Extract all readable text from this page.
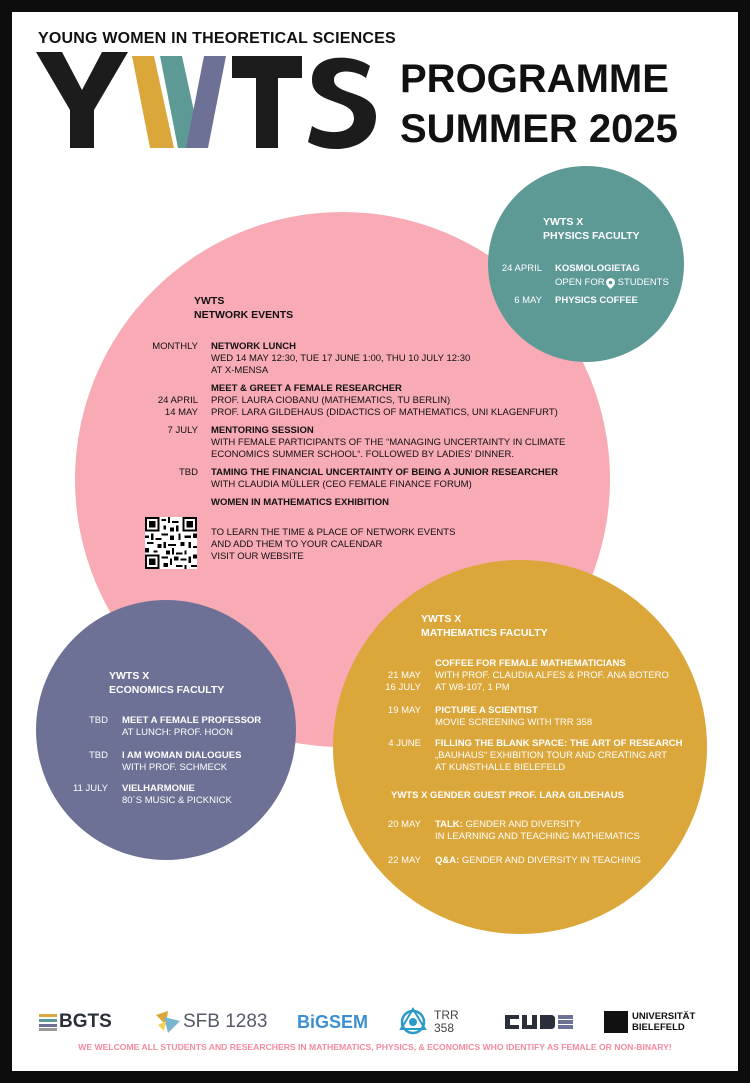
YOUNG WOMEN IN THEORETICAL SCIENCES
PROGRAMME
SUMMER 2025
YWTS X
PHYSICS FACULTY
24 APRIL KOSMOLOGIETAG
OPEN FOR STUDENTS
6 MAY PHYSICS COFFEE
YWTS
NETWORK EVENTS
MONTHLY NETWORK LUNCH
WED 14 MAY 12:30, TUE 17 JUNE 1:00, THU 10 JULY 12:30
AT X-MENSA
24 APRIL
14 MAY
MEET & GREET A FEMALE RESEARCHER
PROF. LAURA CIOBANU (MATHEMATICS, TU BERLIN)
PROF. LARA GILDEHAUS (DIDACTICS OF MATHEMATICS, UNI KLAGENFURT)
7 JULY MENTORING SESSION
WITH FEMALE PARTICIPANTS OF THE “MANAGING UNCERTAINTY IN CLIMATE
ECONOMICS SUMMER SCHOOL“. FOLLOWED BY LADIES’ DINNER.
TBD TAMING THE FINANCIAL UNCERTAINTY OF BEING A JUNIOR RESEARCHER
WITH CLAUDIA MÜLLER (CEO FEMALE FINANCE FORUM)
WOMEN IN MATHEMATICS EXHIBITION
TO LEARN THE TIME & PLACE OF NETWORK EVENTS
AND ADD THEM TO YOUR CALENDAR
VISIT OUR WEBSITE
YWTS X
ECONOMICS FACULTY
TBD MEET A FEMALE PROFESSOR
AT LUNCH: PROF. HOON
TBD I AM WOMAN DIALOGUES
WITH PROF. SCHMECK
11 JULY VIELHARMONIE
80´S MUSIC & PICKNICK
YWTS X
MATHEMATICS FACULTY
21 MAY
16 JULY
COFFEE FOR FEMALE MATHEMATICIANS
WITH PROF. CLAUDIA ALFES & PROF. ANA BOTERO
AT W8-107, 1 PM
19 MAY PICTURE A SCIENTIST
MOVIE SCREENING WITH TRR 358
4 JUNE FILLING THE BLANK SPACE: THE ART OF RESEARCH
„BAUHAUS“ EXHIBITION TOUR AND CREATING ART
AT KUNSTHALLE BIELEFELD
YWTS X GENDER GUEST PROF. LARA GILDEHAUS
20 MAY TALK: GENDER AND DIVERSITY
IN LEARNING AND TEACHING MATHEMATICS
22 MAY Q&A: GENDER AND DIVERSITY IN TEACHING
BGTS	SFB 1283 BiGSEM	TRR
358
UNIVERSITÄT
BIELEFELD
WE WELCOME ALL STUDENTS AND RESEARCHERS IN MATHEMATICS, PHYSICS, & ECONOMICS WHO IDENTIFY AS FEMALE OR NON-BINARY!
